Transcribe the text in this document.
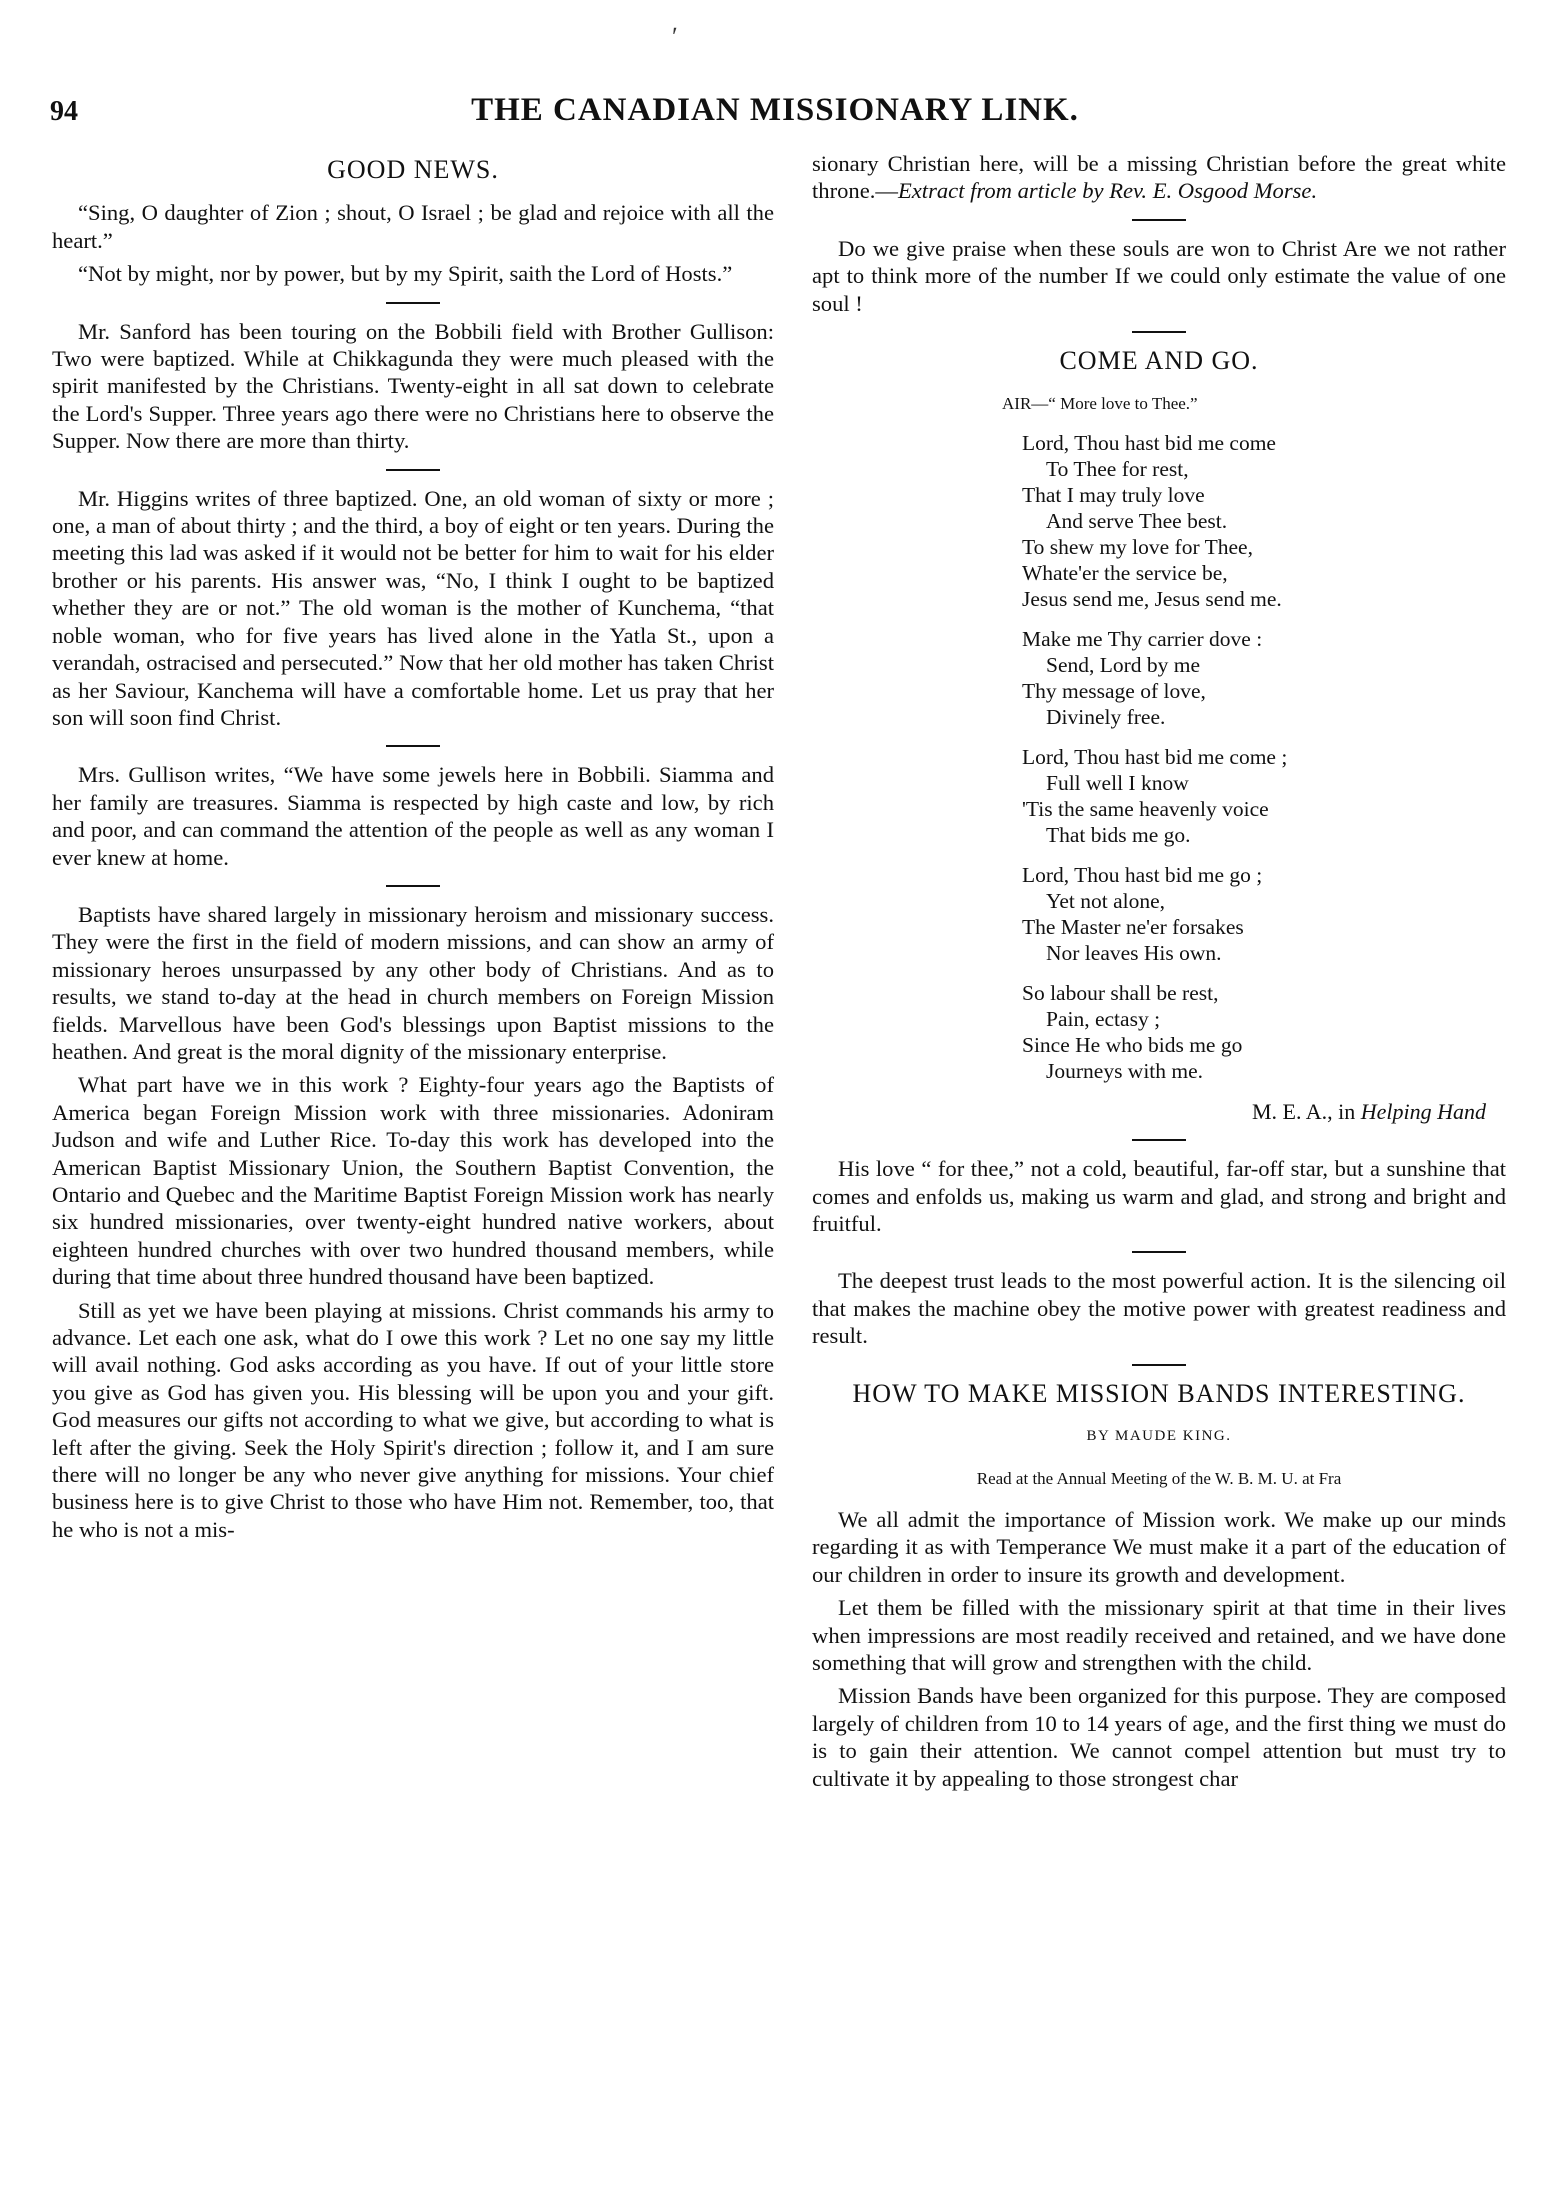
ʹ
94	THE CANADIAN MISSIONARY LINK.
GOOD NEWS.

“Sing, O daughter of Zion ; shout, O Israel ; be glad and rejoice with all the heart.”

“Not by might, nor by power, but by my Spirit, saith the Lord of Hosts.”

Mr. Sanford has been touring on the Bobbili field with Brother Gullison: Two were baptized. While at Chikkagunda they were much pleased with the spirit manifested by the Christians. Twenty-eight in all sat down to celebrate the Lord's Supper. Three years ago there were no Christians here to observe the Supper. Now there are more than thirty.

Mr. Higgins writes of three baptized. One, an old woman of sixty or more ; one, a man of about thirty ; and the third, a boy of eight or ten years. During the meeting this lad was asked if it would not be better for him to wait for his elder brother or his parents. His answer was, “No, I think I ought to be baptized whether they are or not.” The old woman is the mother of Kunchema, “that noble woman, who for five years has lived alone in the Yatla St., upon a verandah, ostracised and persecuted.” Now that her old mother has taken Christ as her Saviour, Kanchema will have a comfortable home. Let us pray that her son will soon find Christ.

Mrs. Gullison writes, “We have some jewels here in Bobbili. Siamma and her family are treasures. Siamma is respected by high caste and low, by rich and poor, and can command the attention of the people as well as any woman I ever knew at home.

Baptists have shared largely in missionary heroism and missionary success. They were the first in the field of modern missions, and can show an army of missionary heroes unsurpassed by any other body of Christians. And as to results, we stand to-day at the head in church members on Foreign Mission fields. Marvellous have been God's blessings upon Baptist missions to the heathen. And great is the moral dignity of the missionary enterprise.

What part have we in this work ? Eighty-four years ago the Baptists of America began Foreign Mission work with three missionaries. Adoniram Judson and wife and Luther Rice. To-day this work has developed into the American Baptist Missionary Union, the Southern Baptist Convention, the Ontario and Quebec and the Maritime Baptist Foreign Mission work has nearly six hundred missionaries, over twenty-eight hundred native workers, about eighteen hundred churches with over two hundred thousand members, while during that time about three hundred thousand have been baptized.

Still as yet we have been playing at missions. Christ commands his army to advance. Let each one ask, what do I owe this work ? Let no one say my little will avail nothing. God asks according as you have. If out of your little store you give as God has given you. His blessing will be upon you and your gift. God measures our gifts not according to what we give, but according to what is left after the giving. Seek the Holy Spirit's direction ; follow it, and I am sure there will no longer be any who never give anything for missions. Your chief business here is to give Christ to those who have Him not. Remember, too, that he who is not a mis-

sionary Christian here, will be a missing Christian before the great white throne.—Extract from article by Rev. E. Osgood Morse.

Do we give praise when these souls are won to Christ Are we not rather apt to think more of the number If we could only estimate the value of one soul !

COME AND GO.
AIR—“ More love to Thee.”
Lord, Thou hast bid me come
To Thee for rest,
That I may truly love
And serve Thee best.
To shew my love for Thee,
Whate'er the service be,
Jesus send me, Jesus send me.
Make me Thy carrier dove :
Send, Lord by me
Thy message of love,
Divinely free.
Lord, Thou hast bid me come ;
Full well I know
'Tis the same heavenly voice
That bids me go.
Lord, Thou hast bid me go ;
Yet not alone,
The Master ne'er forsakes
Nor leaves His own.
So labour shall be rest,
Pain, ectasy ;
Since He who bids me go
Journeys with me.
M. E. A., in Helping Hand

His love “ for thee,” not a cold, beautiful, far-off star, but a sunshine that comes and enfolds us, making us warm and glad, and strong and bright and fruitful.

The deepest trust leads to the most powerful action. It is the silencing oil that makes the machine obey the motive power with greatest readiness and result.

HOW TO MAKE MISSION BANDS INTERESTING.
BY MAUDE KING.
Read at the Annual Meeting of the W. B. M. U. at Fra

We all admit the importance of Mission work. We make up our minds regarding it as with Temperance We must make it a part of the education of our children in order to insure its growth and development.

Let them be filled with the missionary spirit at that time in their lives when impressions are most readily received and retained, and we have done something that will grow and strengthen with the child.

Mission Bands have been organized for this purpose. They are composed largely of children from 10 to 14 years of age, and the first thing we must do is to gain their attention. We cannot compel attention but must try to cultivate it by appealing to those strongest char
